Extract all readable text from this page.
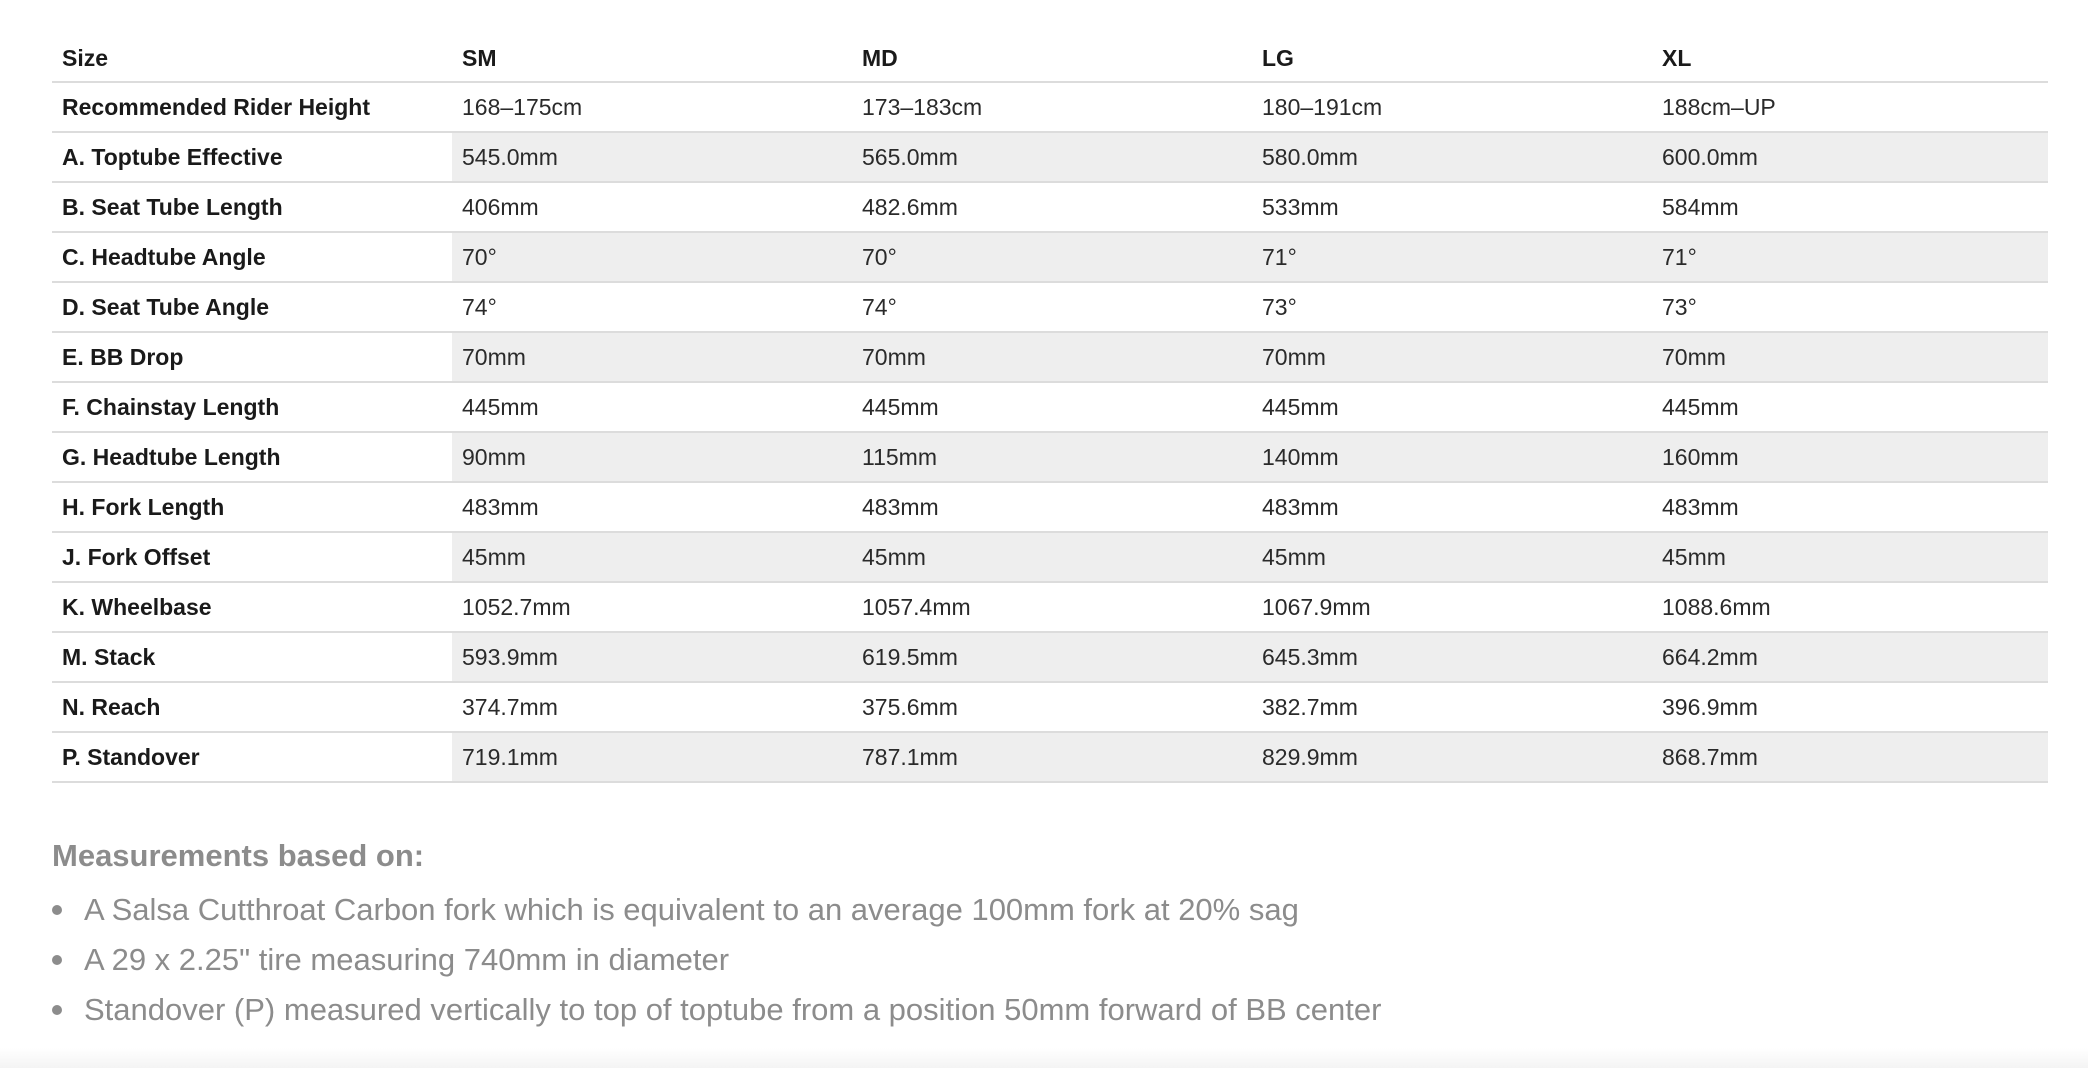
Size	SM	MD	LG	XL
Recommended Rider Height	168–175cm	173–183cm	180–191cm	188cm–UP
A. Toptube Effective	545.0mm	565.0mm	580.0mm	600.0mm
B. Seat Tube Length	406mm	482.6mm	533mm	584mm
C. Headtube Angle	70°	70°	71°	71°
D. Seat Tube Angle	74°	74°	73°	73°
E. BB Drop	70mm	70mm	70mm	70mm
F. Chainstay Length	445mm	445mm	445mm	445mm
G. Headtube Length	90mm	115mm	140mm	160mm
H. Fork Length	483mm	483mm	483mm	483mm
J. Fork Offset	45mm	45mm	45mm	45mm
K. Wheelbase	1052.7mm	1057.4mm	1067.9mm	1088.6mm
M. Stack	593.9mm	619.5mm	645.3mm	664.2mm
N. Reach	374.7mm	375.6mm	382.7mm	396.9mm
P. Standover	719.1mm	787.1mm	829.9mm	868.7mm
Measurements based on:
A Salsa Cutthroat Carbon fork which is equivalent to an average 100mm fork at 20% sag
A 29 x 2.25" tire measuring 740mm in diameter
Standover (P) measured vertically to top of toptube from a position 50mm forward of BB center
